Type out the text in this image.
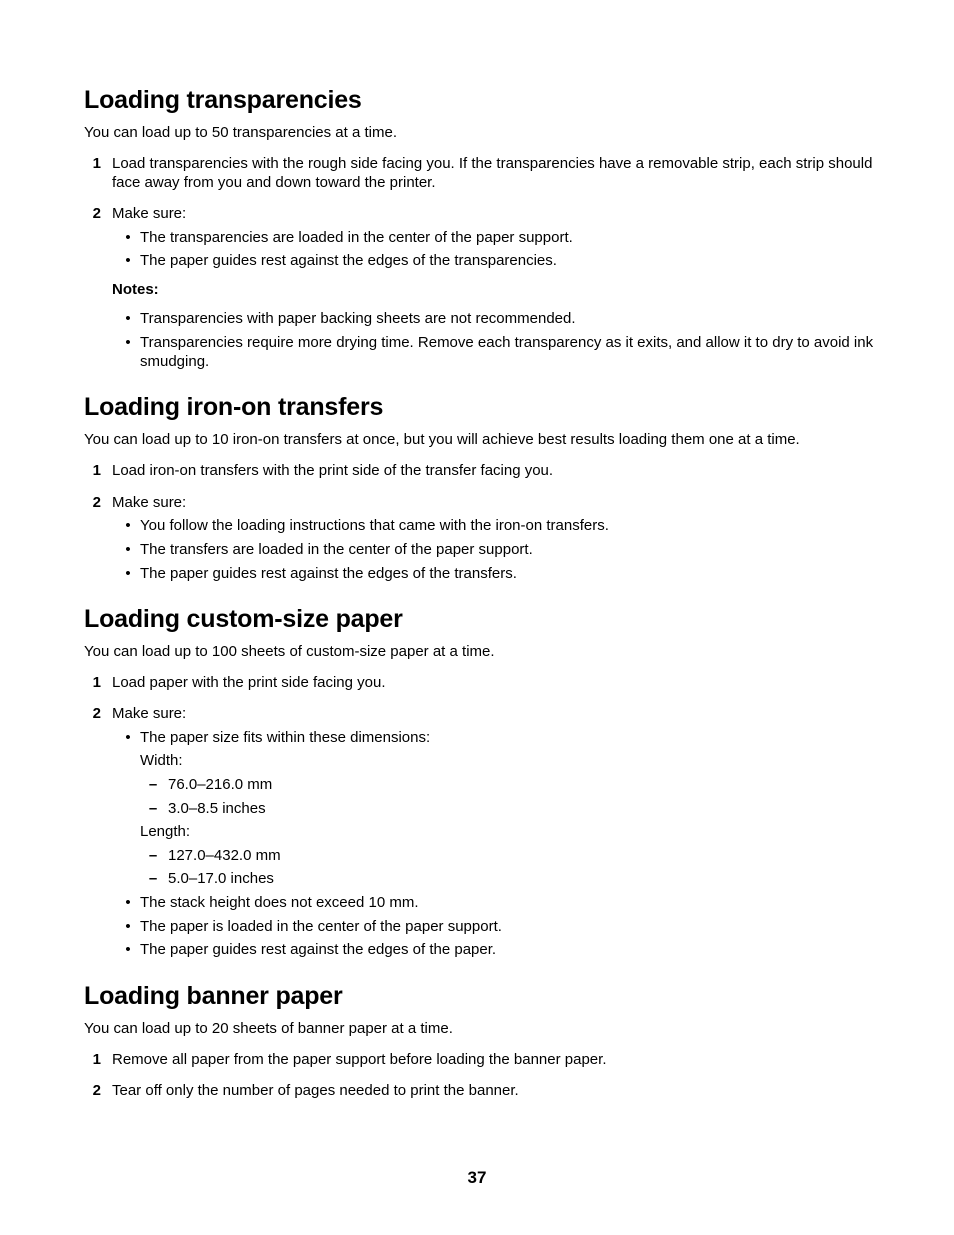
Loading transparencies
You can load up to 50 transparencies at a time.
1 Load transparencies with the rough side facing you. If the transparencies have a removable strip, each strip should face away from you and down toward the printer.
2 Make sure:
• The transparencies are loaded in the center of the paper support.
• The paper guides rest against the edges of the transparencies.
Notes:
• Transparencies with paper backing sheets are not recommended.
• Transparencies require more drying time. Remove each transparency as it exits, and allow it to dry to avoid ink smudging.
Loading iron-on transfers
You can load up to 10 iron-on transfers at once, but you will achieve best results loading them one at a time.
1 Load iron-on transfers with the print side of the transfer facing you.
2 Make sure:
• You follow the loading instructions that came with the iron-on transfers.
• The transfers are loaded in the center of the paper support.
• The paper guides rest against the edges of the transfers.
Loading custom-size paper
You can load up to 100 sheets of custom-size paper at a time.
1 Load paper with the print side facing you.
2 Make sure:
• The paper size fits within these dimensions:
Width:
– 76.0–216.0 mm
– 3.0–8.5 inches
Length:
– 127.0–432.0 mm
– 5.0–17.0 inches
• The stack height does not exceed 10 mm.
• The paper is loaded in the center of the paper support.
• The paper guides rest against the edges of the paper.
Loading banner paper
You can load up to 20 sheets of banner paper at a time.
1 Remove all paper from the paper support before loading the banner paper.
2 Tear off only the number of pages needed to print the banner.
37
